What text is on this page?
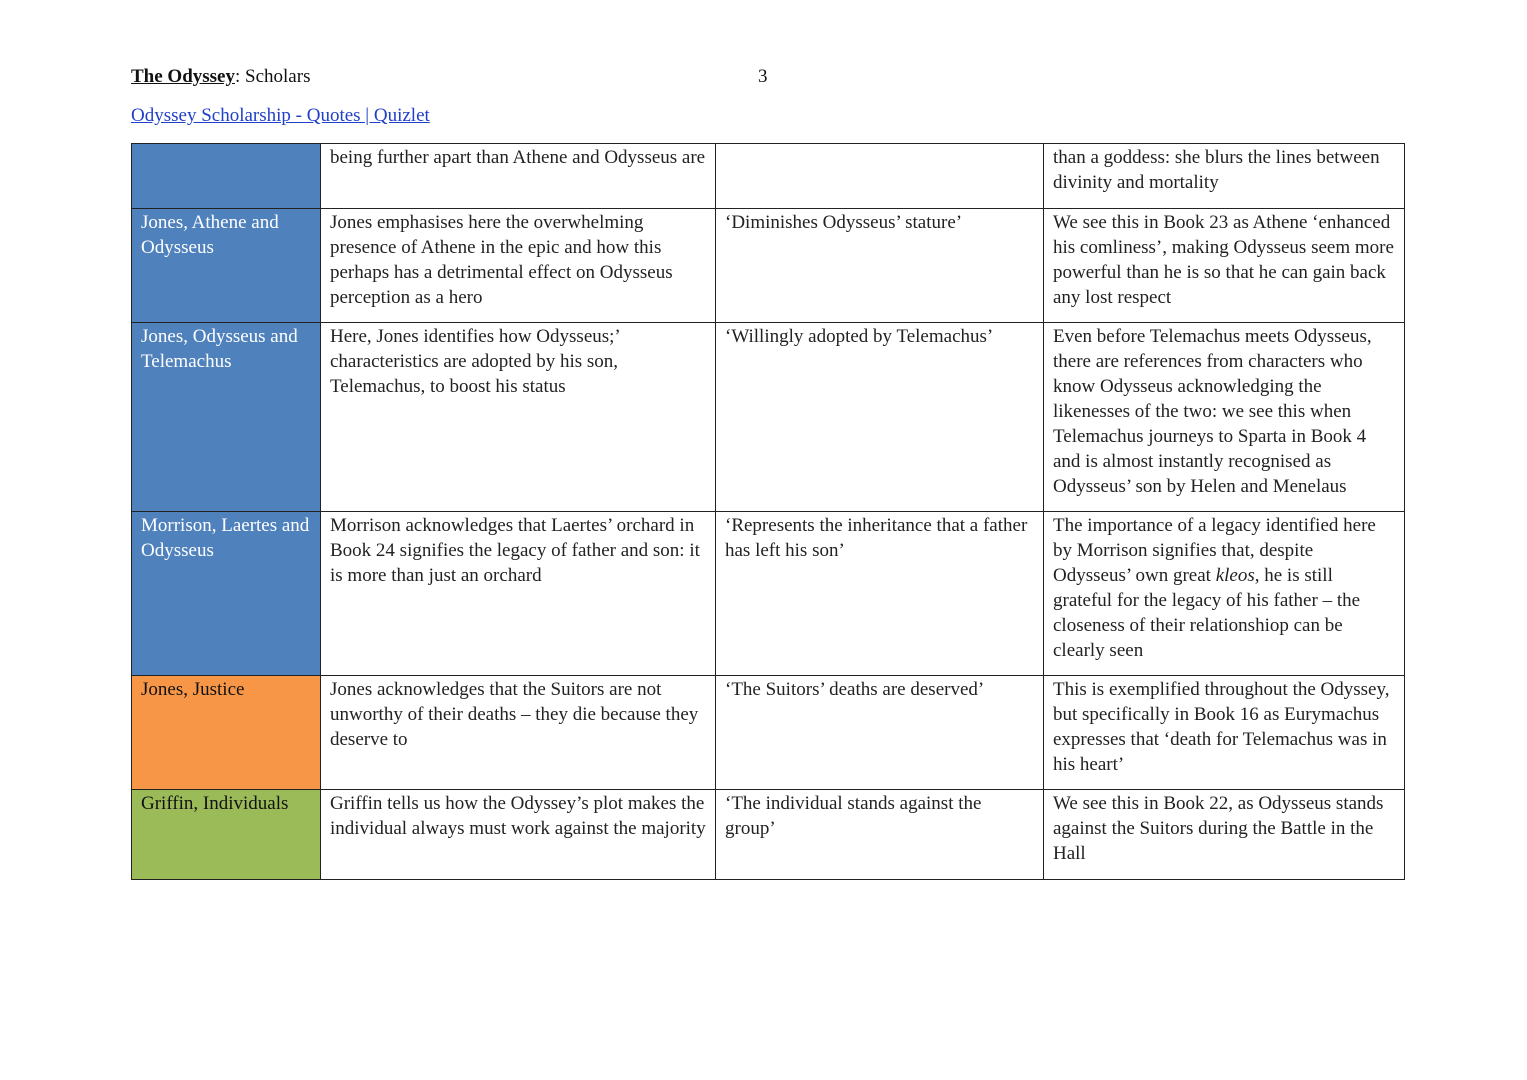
The Odyssey: Scholars	3
Odyssey Scholarship - Quotes | Quizlet
	being further apart than Athene and Odysseus are		than a goddess: she blurs the lines between divinity and mortality
Jones, Athene and Odysseus	Jones emphasises here the overwhelming presence of Athene in the epic and how this perhaps has a detrimental effect on Odysseus perception as a hero	‘Diminishes Odysseus’ stature’	We see this in Book 23 as Athene ‘enhanced his comliness’, making Odysseus seem more powerful than he is so that he can gain back any lost respect
Jones, Odysseus and Telemachus	Here, Jones identifies how Odysseus;’ characteristics are adopted by his son, Telemachus, to boost his status	‘Willingly adopted by Telemachus’	Even before Telemachus meets Odysseus, there are references from characters who know Odysseus acknowledging the likenesses of the two: we see this when Telemachus journeys to Sparta in Book 4 and is almost instantly recognised as Odysseus’ son by Helen and Menelaus
Morrison, Laertes and Odysseus	Morrison acknowledges that Laertes’ orchard in Book 24 signifies the legacy of father and son: it is more than just an orchard	‘Represents the inheritance that a father has left his son’	The importance of a legacy identified here by Morrison signifies that, despite Odysseus’ own great kleos, he is still grateful for the legacy of his father – the closeness of their relationshiop can be clearly seen
Jones, Justice	Jones acknowledges that the Suitors are not unworthy of their deaths – they die because they deserve to	‘The Suitors’ deaths are deserved’	This is exemplified throughout the Odyssey, but specifically in Book 16 as Eurymachus expresses that ‘death for Telemachus was in his heart’
Griffin, Individuals	Griffin tells us how the Odyssey’s plot makes the individual always must work against the majority	‘The individual stands against the group’	We see this in Book 22, as Odysseus stands against the Suitors during the Battle in the Hall
